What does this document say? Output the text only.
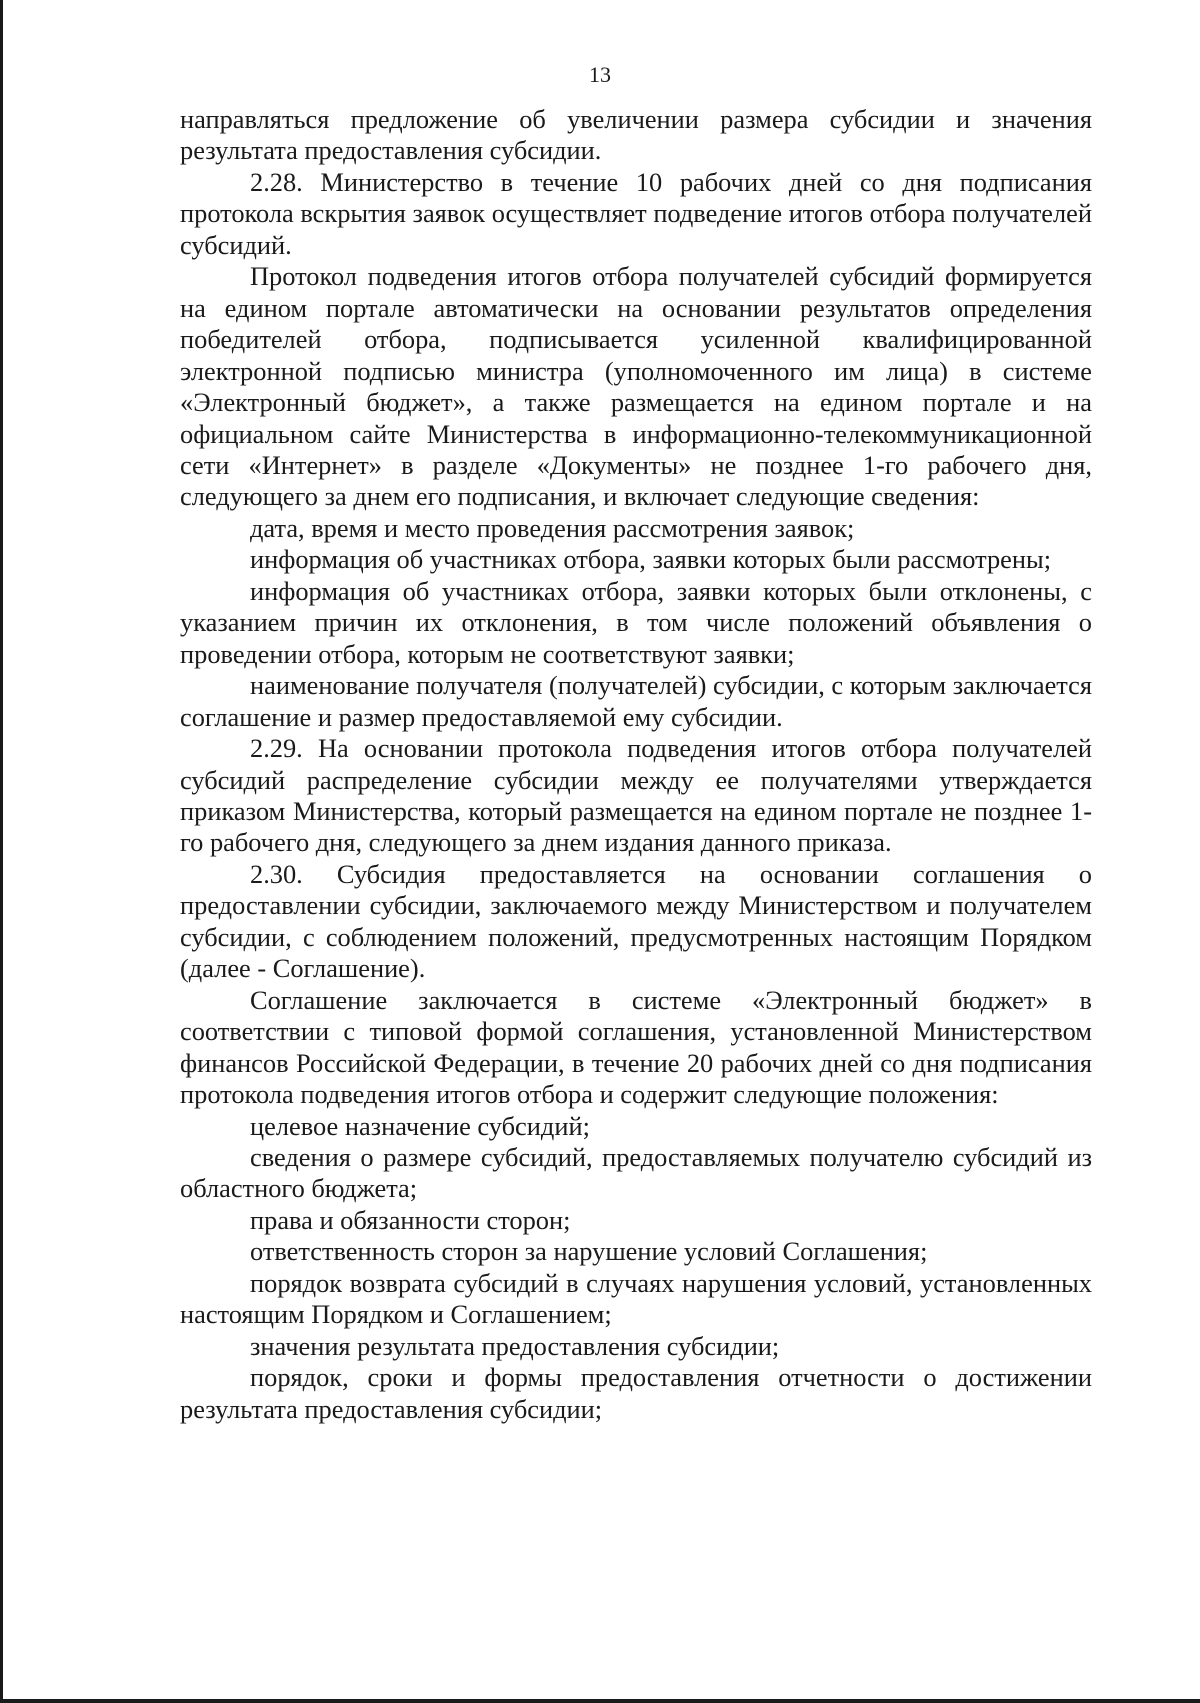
13

направляться предложение об увеличении размера субсидии и значения результата предоставления субсидии.

2.28. Министерство в течение 10 рабочих дней со дня подписания протокола вскрытия заявок осуществляет подведение итогов отбора получателей субсидий.

Протокол подведения итогов отбора получателей субсидий формируется на едином портале автоматически на основании результатов определения победителей отбора, подписывается усиленной квалифицированной электронной подписью министра (уполномоченного им лица) в системе «Электронный бюджет», а также размещается на едином портале и на официальном сайте Министерства в информационно-телекоммуникационной сети «Интернет» в разделе «Документы» не позднее 1-го рабочего дня, следующего за днем его подписания, и включает следующие сведения:

дата, время и место проведения рассмотрения заявок;

информация об участниках отбора, заявки которых были рассмотрены;

информация об участниках отбора, заявки которых были отклонены, с указанием причин их отклонения, в том числе положений объявления о проведении отбора, которым не соответствуют заявки;

наименование получателя (получателей) субсидии, с которым заключается соглашение и размер предоставляемой ему субсидии.

2.29. На основании протокола подведения итогов отбора получателей субсидий распределение субсидии между ее получателями утверждается приказом Министерства, который размещается на едином портале не позднее 1-го рабочего дня, следующего за днем издания данного приказа.

2.30. Субсидия предоставляется на основании соглашения о предоставлении субсидии, заключаемого между Министерством и получателем субсидии, с соблюдением положений, предусмотренных настоящим Порядком (далее - Соглашение).

Соглашение заключается в системе «Электронный бюджет» в соответствии с типовой формой соглашения, установленной Министерством финансов Российской Федерации, в течение 20 рабочих дней со дня подписания протокола подведения итогов отбора и содержит следующие положения:

целевое назначение субсидий;

сведения о размере субсидий, предоставляемых получателю субсидий из областного бюджета;

права и обязанности сторон;

ответственность сторон за нарушение условий Соглашения;

порядок возврата субсидий в случаях нарушения условий, установленных настоящим Порядком и Соглашением;

значения результата предоставления субсидии;

порядок, сроки и формы предоставления отчетности о достижении результата предоставления субсидии;
